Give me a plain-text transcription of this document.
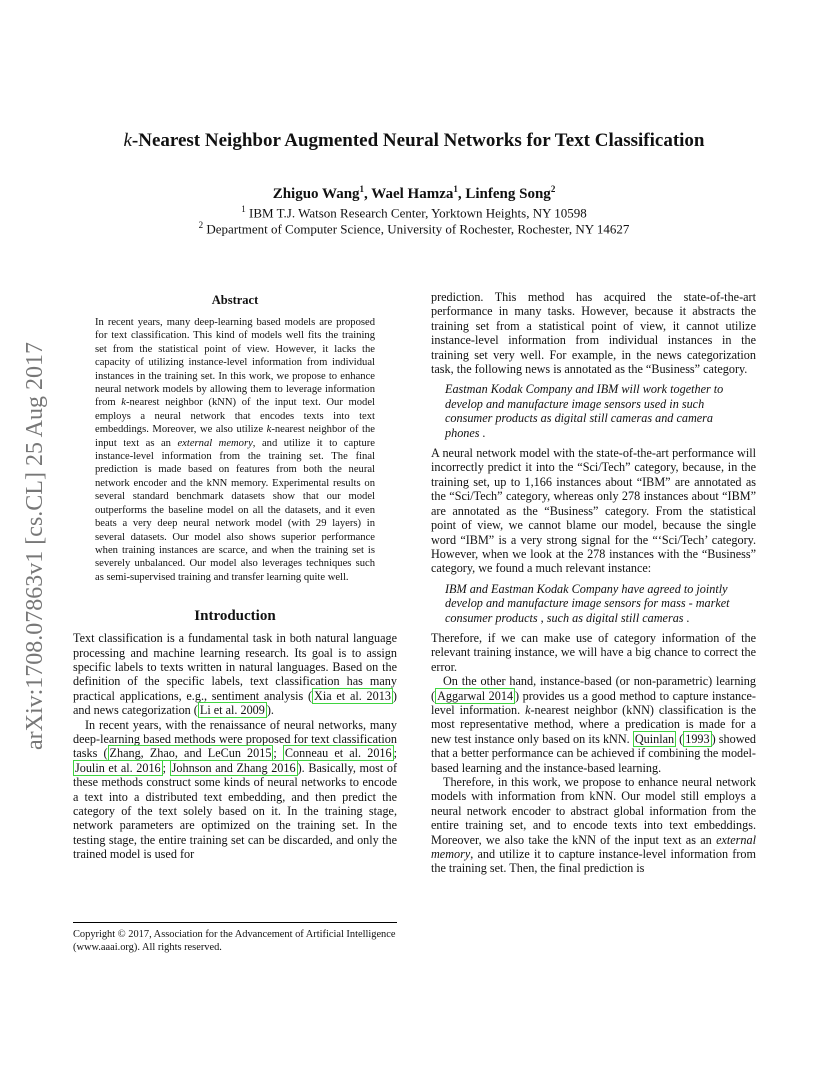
arXiv:1708.07863v1 [cs.CL] 25 Aug 2017
k-Nearest Neighbor Augmented Neural Networks for Text Classification
Zhiguo Wang$^1$, Wael Hamza$^1$, Linfeng Song$^2$
$^1$ IBM T.J. Watson Research Center, Yorktown Heights, NY 10598
$^2$ Department of Computer Science, University of Rochester, Rochester, NY 14627
Abstract
In recent years, many deep-learning based models are proposed for text classification. This kind of models well fits the training set from the statistical point of view. However, it lacks the capacity of utilizing instance-level information from individual instances in the training set. In this work, we propose to enhance neural network models by allowing them to leverage information from k-nearest neighbor (kNN) of the input text. Our model employs a neural network that encodes texts into text embeddings. Moreover, we also utilize k-nearest neighbor of the input text as an external memory, and utilize it to capture instance-level information from the training set. The final prediction is made based on features from both the neural network encoder and the kNN memory. Experimental results on several standard benchmark datasets show that our model outperforms the baseline model on all the datasets, and it even beats a very deep neural network model (with 29 layers) in several datasets. Our model also shows superior performance when training instances are scarce, and when the training set is severely unbalanced. Our model also leverages techniques such as semi-supervised training and transfer learning quite well.
Introduction

Text classification is a fundamental task in both natural language processing and machine learning research. Its goal is to assign specific labels to texts written in natural languages. Based on the definition of the specific labels, text classification has many practical applications, e.g., sentiment analysis ( Xia et al. 2013 ) and news categorization ( Li et al. 2009 ).

In recent years, with the renaissance of neural networks, many deep-learning based methods were proposed for text classification tasks ( Zhang, Zhao, and LeCun 2015 ; Conneau et al. 2016 ; Joulin et al. 2016 ; Johnson and Zhang 2016 ). Basically, most of these methods construct some kinds of neural networks to encode a text into a distributed text embedding, and then predict the category of the text solely based on it. In the training stage, network parameters are optimized on the training set. In the testing stage, the entire training set can be discarded, and only the trained model is used for

Copyright © 2017, Association for the Advancement of Artificial Intelligence (www.aaai.org). All rights reserved.

prediction. This method has acquired the state-of-the-art performance in many tasks. However, because it abstracts the training set from a statistical point of view, it cannot utilize instance-level information from individual instances in the training set very well. For example, in the news categorization task, the following news is annotated as the “Business” category.

Eastman Kodak Company and IBM will work together to develop and manufacture image sensors used in such consumer products as digital still cameras and camera phones .

A neural network model with the state-of-the-art performance will incorrectly predict it into the “Sci/Tech” category, because, in the training set, up to 1,166 instances about “IBM” are annotated as the “Sci/Tech” category, whereas only 278 instances about “IBM” are annotated as the “Business” category. From the statistical point of view, we cannot blame our model, because the single word “IBM” is a very strong signal for the “‘Sci/Tech’ category. However, when we look at the 278 instances with the “Business” category, we found a much relevant instance:

IBM and Eastman Kodak Company have agreed to jointly develop and manufacture image sensors for mass - market consumer products , such as digital still cameras .

Therefore, if we can make use of category information of the relevant training instance, we will have a big chance to correct the error.

On the other hand, instance-based (or non-parametric) learning ( Aggarwal 2014 ) provides us a good method to capture instance-level information. k-nearest neighbor (kNN) classification is the most representative method, where a predication is made for a new test instance only based on its kNN. Quinlan ( 1993 ) showed that a better performance can be achieved if combining the model-based learning and the instance-based learning.

Therefore, in this work, we propose to enhance neural network models with information from kNN. Our model still employs a neural network encoder to abstract global information from the entire training set, and to encode texts into text embeddings. Moreover, we also take the kNN of the input text as an external memory, and utilize it to capture instance-level information from the training set. Then, the final prediction is
